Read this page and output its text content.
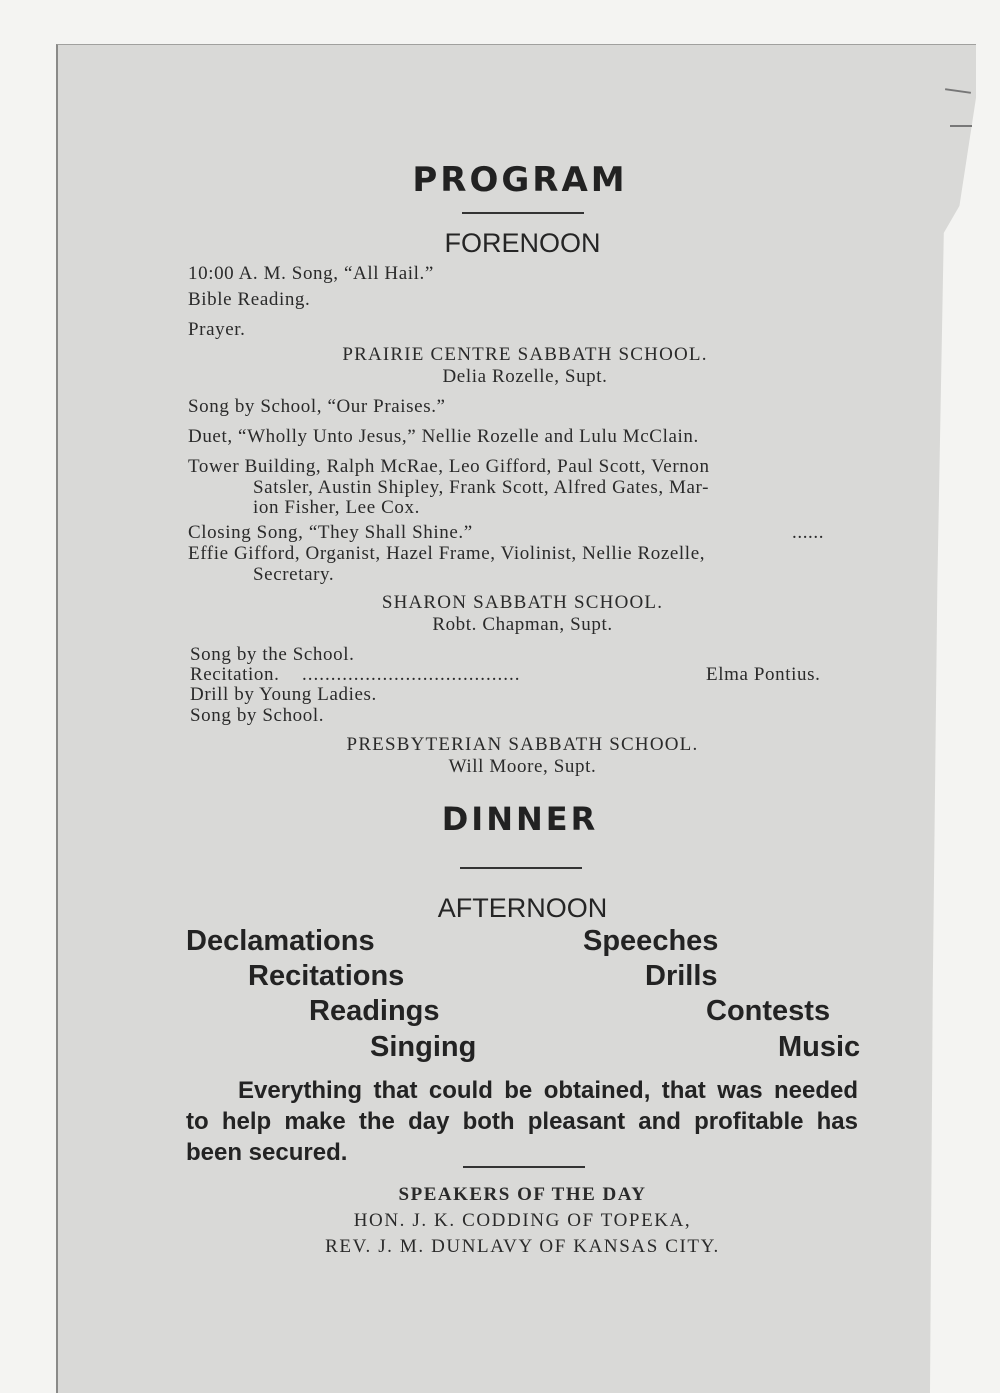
PROGRAM
FORENOON
10:00 A. M. Song, “All Hail.”
Bible Reading.
Prayer.
PRAIRIE CENTRE SABBATH SCHOOL.
Delia Rozelle, Supt.
Song by School, “Our Praises.”
Duet, “Wholly Unto Jesus,” Nellie Rozelle and Lulu McClain.
Tower Building, Ralph McRae, Leo Gifford, Paul Scott, Vernon
Satsler, Austin Shipley, Frank Scott, Alfred Gates, Mar-
ion Fisher, Lee Cox.
Closing Song, “They Shall Shine.”	......
Effie Gifford, Organist, Hazel Frame, Violinist, Nellie Rozelle,
Secretary.
SHARON SABBATH SCHOOL.
Robt. Chapman, Supt.
Song by the School.
Recitation. ......................................	Elma Pontius.
Drill by Young Ladies.
Song by School.
PRESBYTERIAN SABBATH SCHOOL.
Will Moore, Supt.
DINNER
AFTERNOON
Declamations	Speeches
Recitations	Drills
Readings	Contests
Singing	Music
Everything that could be obtained, that was needed
to help make the day both pleasant and profitable has
been secured.
SPEAKERS OF THE DAY
HON. J. K. CODDING OF TOPEKA,
REV. J. M. DUNLAVY OF KANSAS CITY.
